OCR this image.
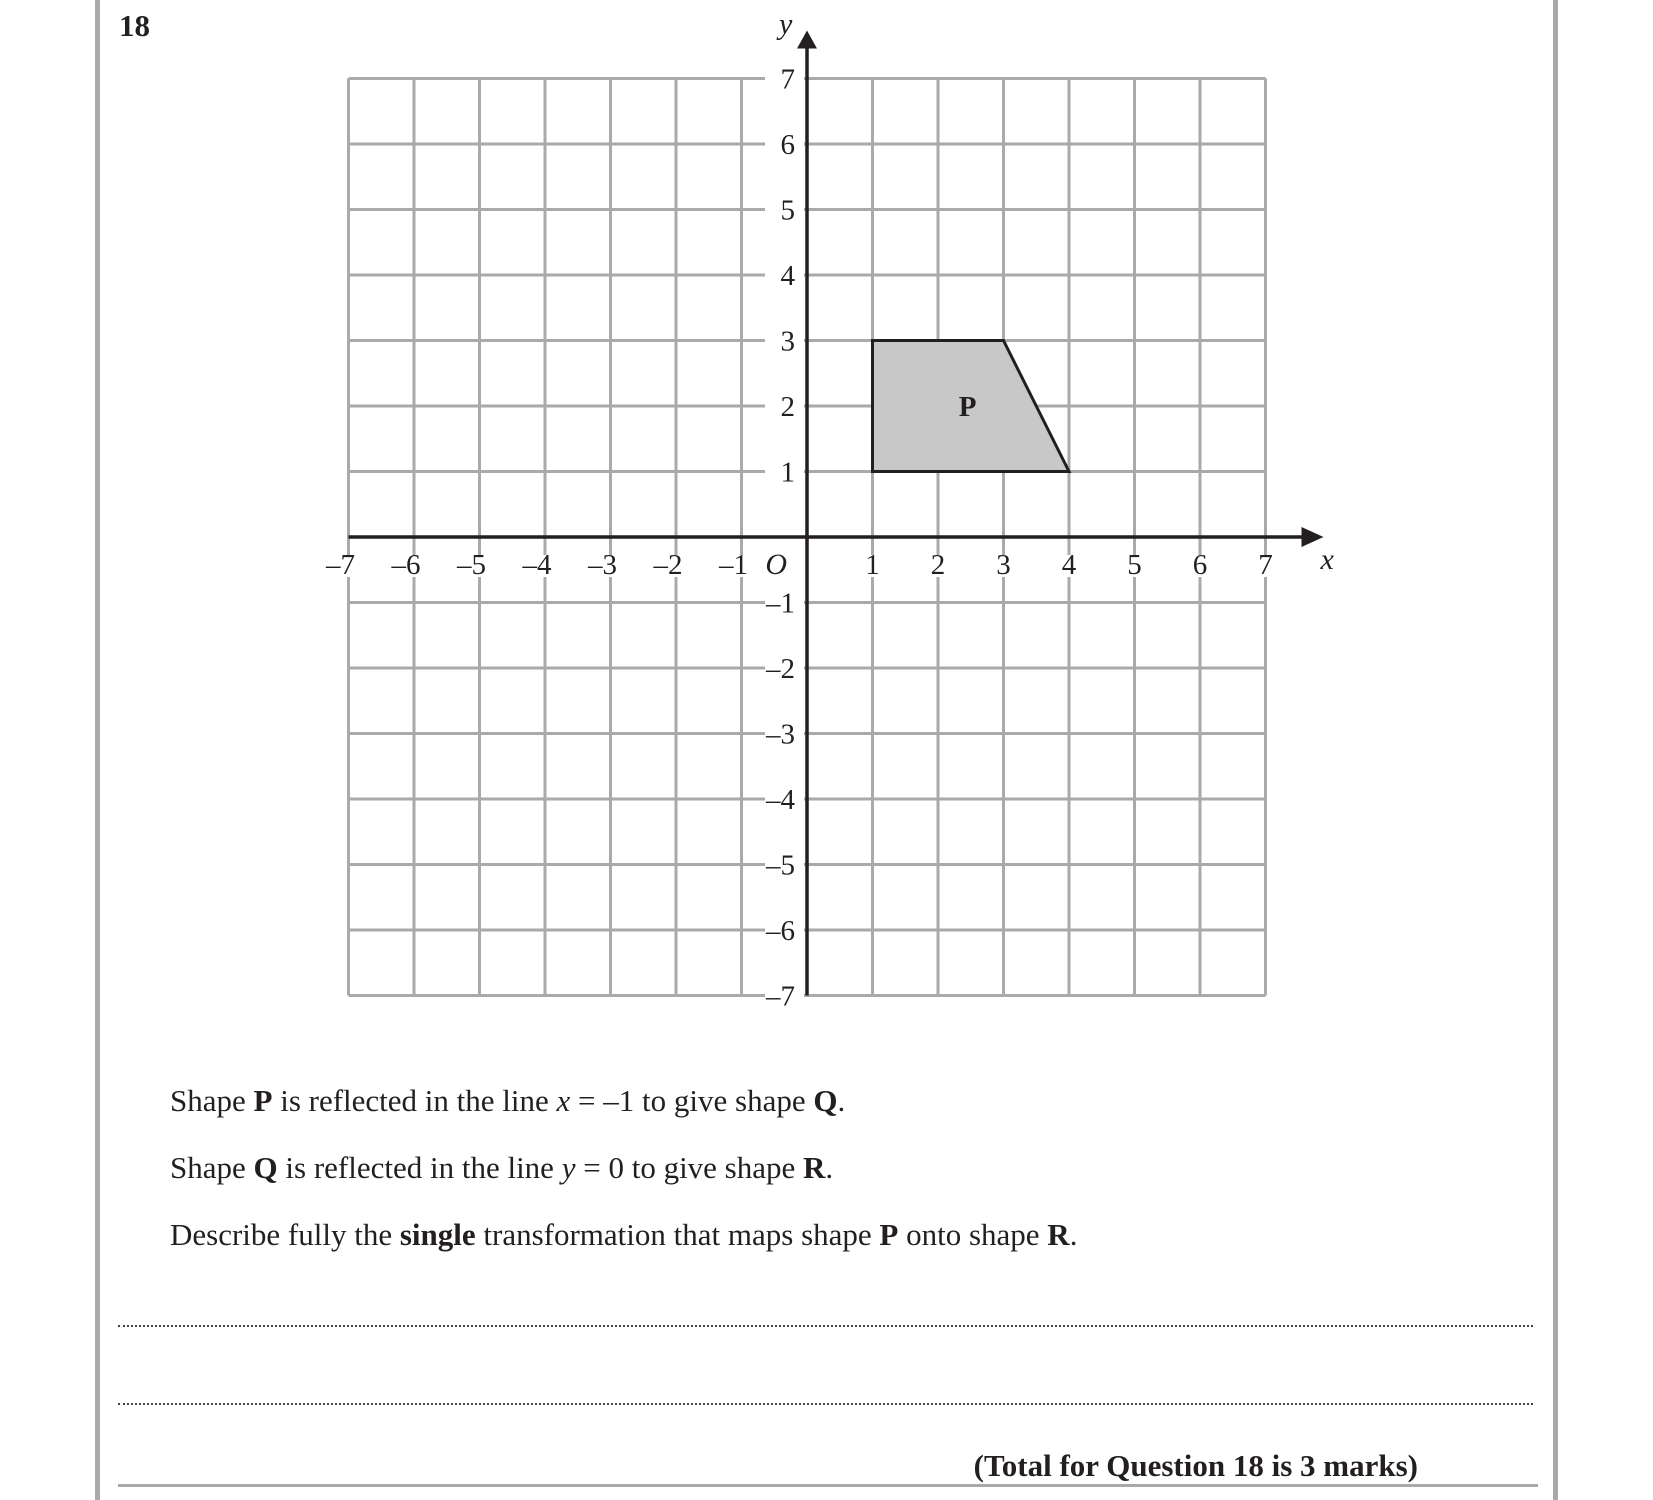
18
P
–7 –6 –5 –4 –3 –2 –1	1 2 3 4 5 6 7
7
6
5
4
3
2
1
–1
–2
–3
–4
–5
–6
–7
O	x
y
Shape P is reflected in the line x = –1 to give shape Q.
Shape Q is reflected in the line y = 0 to give shape R.
Describe fully the single transformation that maps shape P onto shape R.
(Total for Question 18 is 3 marks)
